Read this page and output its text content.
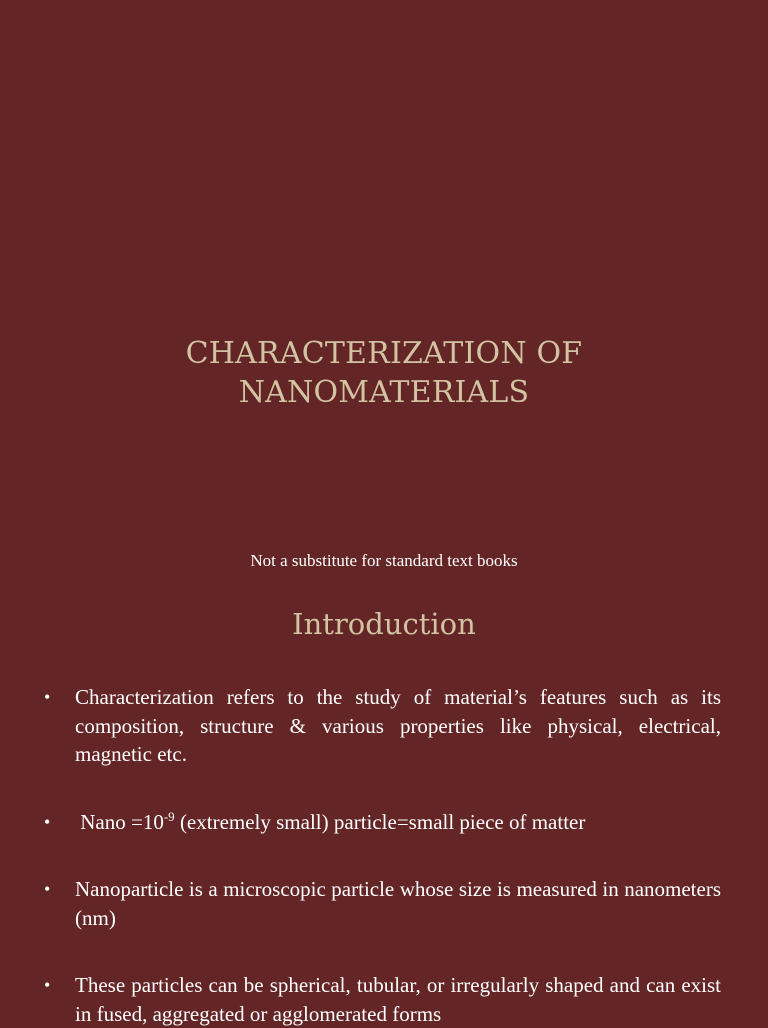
CHARACTERIZATION OF
NANOMATERIALS
Not a substitute for standard text books
Introduction
• Characterization refers to the study of material’s features such as its composition, structure & various properties like physical, electrical, magnetic etc.
• Nano $=10^{-9}$ (extremely small) particle=small piece of matter
• Nanoparticle is a microscopic particle whose size is measured in nanometers (nm)
• These particles can be spherical, tubular, or irregularly shaped and can exist in fused, aggregated or agglomerated forms
